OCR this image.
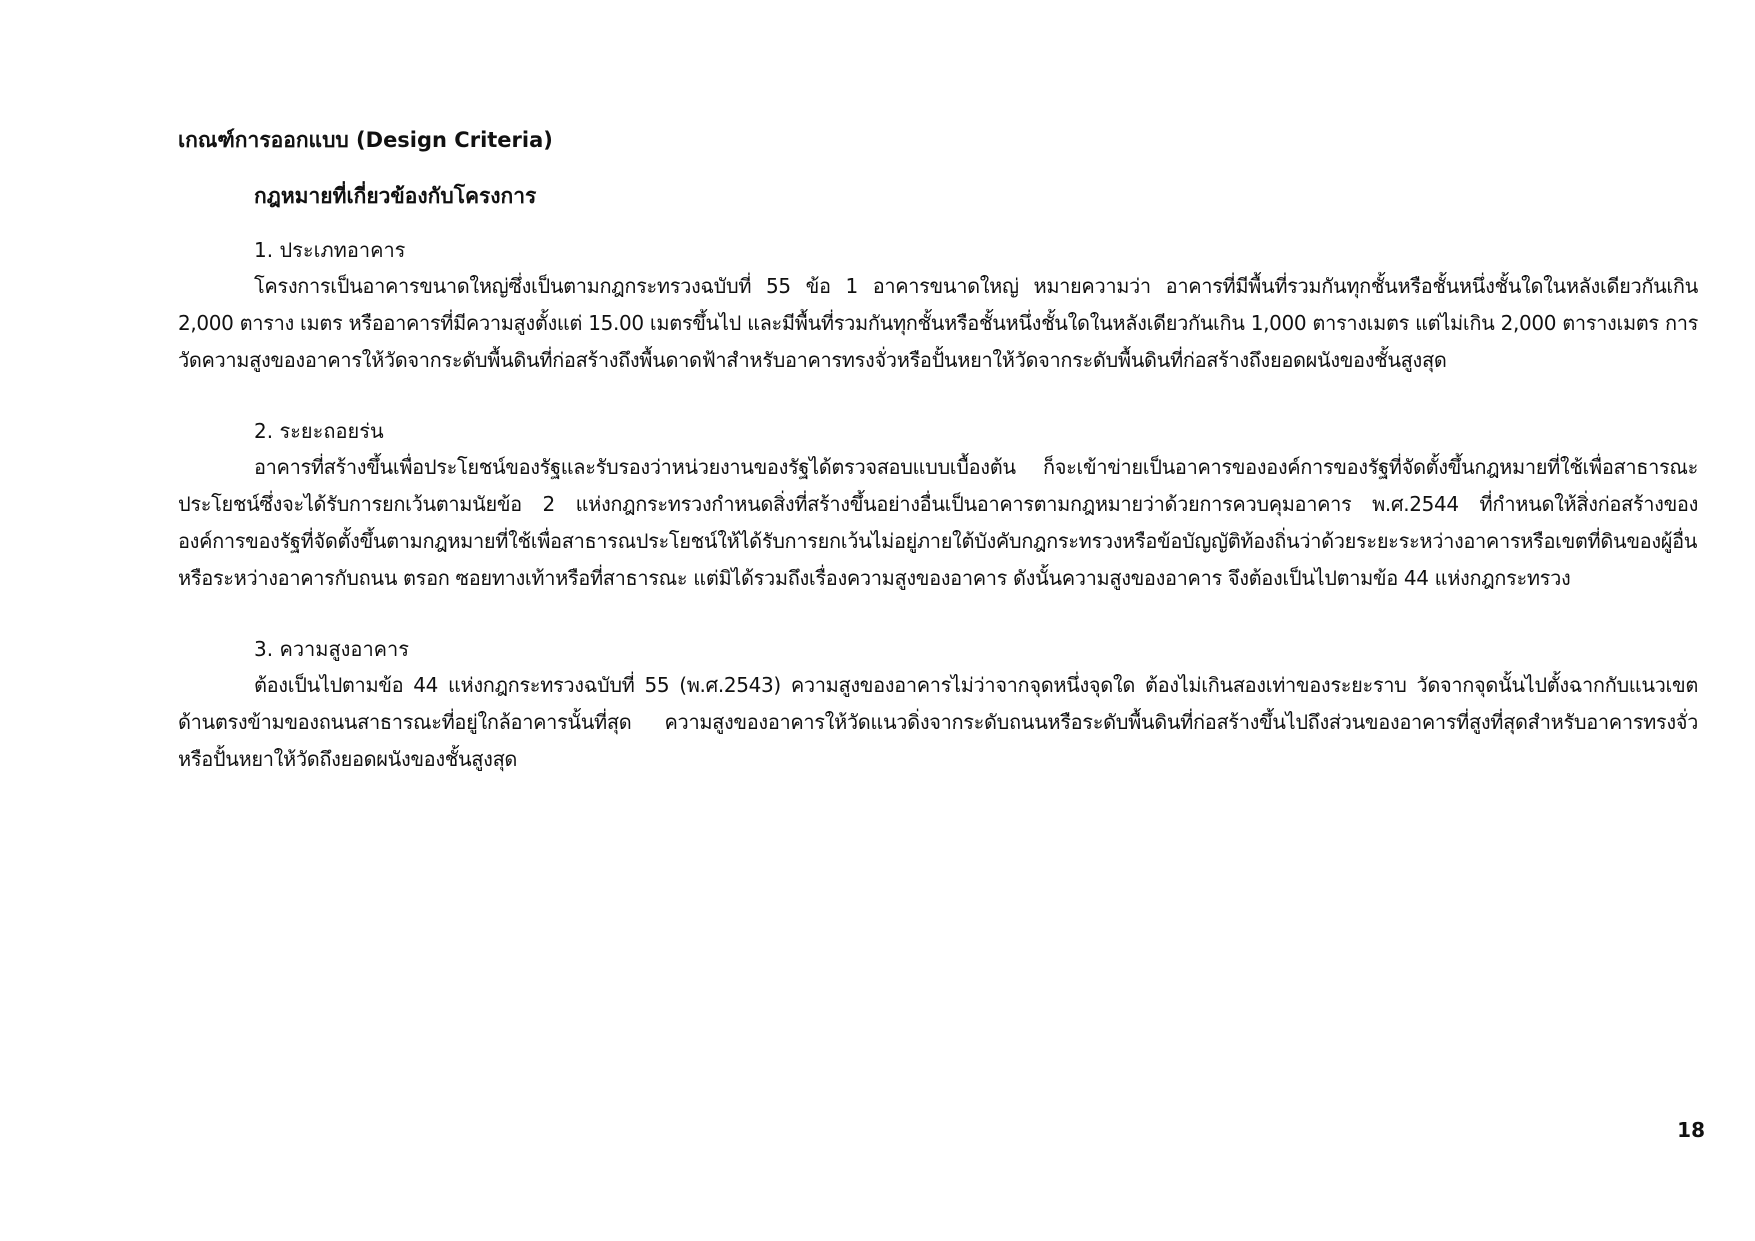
เกณฑ์การออกแบบ (Design Criteria)
กฎหมายที่เกี่ยวข้องกับโครงการ
1. ประเภทอาคาร

โครงการเป็นอาคารขนาดใหญ่ซึ่งเป็นตามกฎกระทรวงฉบับที่ 55 ข้อ 1 อาคารขนาดใหญ่ หมายความว่า อาคารที่มีพื้นที่รวมกันทุกชั้นหรือชั้นหนึ่งชั้นใดในหลังเดียวกันเกิน 2,000 ตาราง เมตร หรืออาคารที่มีความสูงตั้งแต่ 15.00 เมตรขึ้นไป และมีพื้นที่รวมกันทุกชั้นหรือชั้นหนึ่งชั้นใดในหลังเดียวกันเกิน 1,000 ตารางเมตร แต่ไม่เกิน 2,000 ตารางเมตร การวัดความสูงของอาคารให้วัดจากระดับพื้นดินที่ก่อสร้างถึงพื้นดาดฟ้าสำหรับอาคารทรงจั่วหรือปั้นหยาให้วัดจากระดับพื้นดินที่ก่อสร้างถึงยอดผนังของชั้นสูงสุด

2. ระยะถอยร่น

อาคารที่สร้างขึ้นเพื่อประโยชน์ของรัฐและรับรองว่าหน่วยงานของรัฐได้ตรวจสอบแบบเบื้องต้น ก็จะเข้าข่ายเป็นอาคารขององค์การของรัฐที่จัดตั้งขึ้นกฎหมายที่ใช้เพื่อสาธารณะประโยชน์ซึ่งจะได้รับการยกเว้นตามนัยข้อ 2 แห่งกฎกระทรวงกำหนดสิ่งที่สร้างขึ้นอย่างอื่นเป็นอาคารตามกฎหมายว่าด้วยการควบคุมอาคาร พ.ศ.2544 ที่กำหนดให้สิ่งก่อสร้างขององค์การของรัฐที่จัดตั้งขึ้นตามกฎหมายที่ใช้เพื่อสาธารณประโยชน์ให้ได้รับการยกเว้นไม่อยู่ภายใต้บังคับกฎกระทรวงหรือข้อบัญญัติท้องถิ่นว่าด้วยระยะระหว่างอาคารหรือเขตที่ดินของผู้อื่นหรือระหว่างอาคารกับถนน ตรอก ซอยทางเท้าหรือที่สาธารณะ แต่มิได้รวมถึงเรื่องความสูงของอาคาร ดังนั้นความสูงของอาคาร จึงต้องเป็นไปตามข้อ 44 แห่งกฎกระทรวง

3. ความสูงอาคาร

ต้องเป็นไปตามข้อ 44 แห่งกฎกระทรวงฉบับที่ 55 (พ.ศ.2543) ความสูงของอาคารไม่ว่าจากจุดหนึ่งจุดใด ต้องไม่เกินสองเท่าของระยะราบ วัดจากจุดนั้นไปตั้งฉากกับแนวเขตด้านตรงข้ามของถนนสาธารณะที่อยู่ใกล้อาคารนั้นที่สุด ความสูงของอาคารให้วัดแนวดิ่งจากระดับถนนหรือระดับพื้นดินที่ก่อสร้างขึ้นไปถึงส่วนของอาคารที่สูงที่สุดสำหรับอาคารทรงจั่วหรือปั้นหยาให้วัดถึงยอดผนังของชั้นสูงสุด

18
